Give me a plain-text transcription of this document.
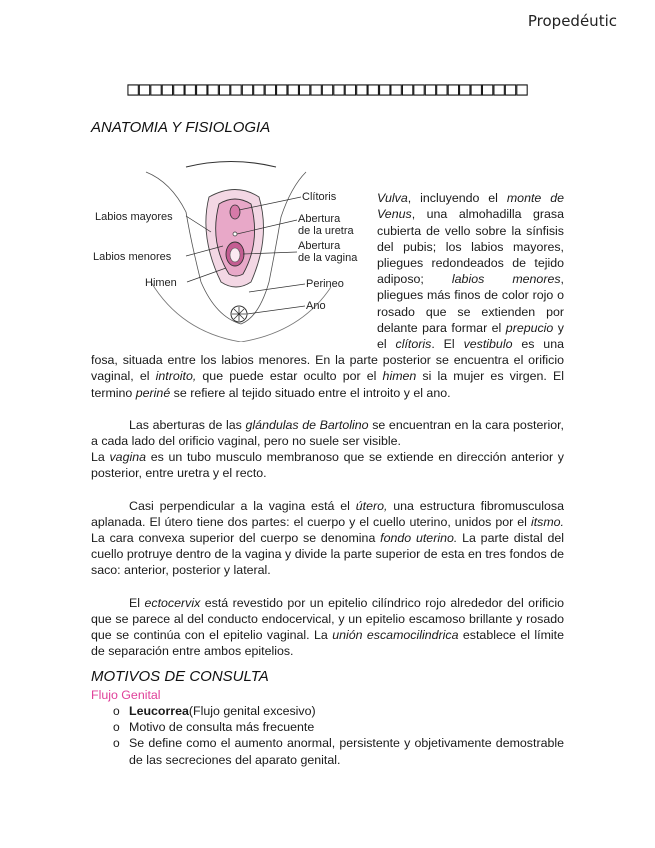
Propedéutic
□□□□□□□□□□□□□□□□□□□□□□□□□□□□□□□□□□□
ANATOMIA Y FISIOLOGIA
Clítoris
Abertura
de la uretra
Abertura
de la vagina
Perineo
Ano
Labios mayores
Labios menores
Himen

Vulva, incluyendo el monte de Venus, una almohadilla grasa cubierta de vello sobre la sínfisis del pubis; los labios mayores, pliegues redondeados de tejido adiposo; labios menores, pliegues más finos de color rojo o rosado que se extienden por delante para formar el prepucio y el clítoris. El vestibulo es una fosa, situada entre los labios menores. En la parte posterior se encuentra el orificio vaginal, el introito, que puede estar oculto por el himen si la mujer es virgen. El termino periné se refiere al tejido situado entre el introito y el ano.

Las aberturas de las glándulas de Bartolino se encuentran en la cara posterior, a cada lado del orificio vaginal, pero no suele ser visible.

La vagina es un tubo musculo membranoso que se extiende en dirección anterior y posterior, entre uretra y el recto.

Casi perpendicular a la vagina está el útero, una estructura fibromusculosa aplanada. El útero tiene dos partes: el cuerpo y el cuello uterino, unidos por el itsmo. La cara convexa superior del cuerpo se denomina fondo uterino. La parte distal del cuello protruye dentro de la vagina y divide la parte superior de esta en tres fondos de saco: anterior, posterior y lateral.

El ectocervix está revestido por un epitelio cilíndrico rojo alrededor del orificio que se parece al del conducto endocervical, y un epitelio escamoso brillante y rosado que se continúa con el epitelio vaginal. La unión escamocilindrica establece el límite de separación entre ambos epitelios.

MOTIVOS DE CONSULTA
Flujo Genital
o Leucorrea(Flujo genital excesivo)
o Motivo de consulta más frecuente
o Se define como el aumento anormal, persistente y objetivamente demostrable de las secreciones del aparato genital.
